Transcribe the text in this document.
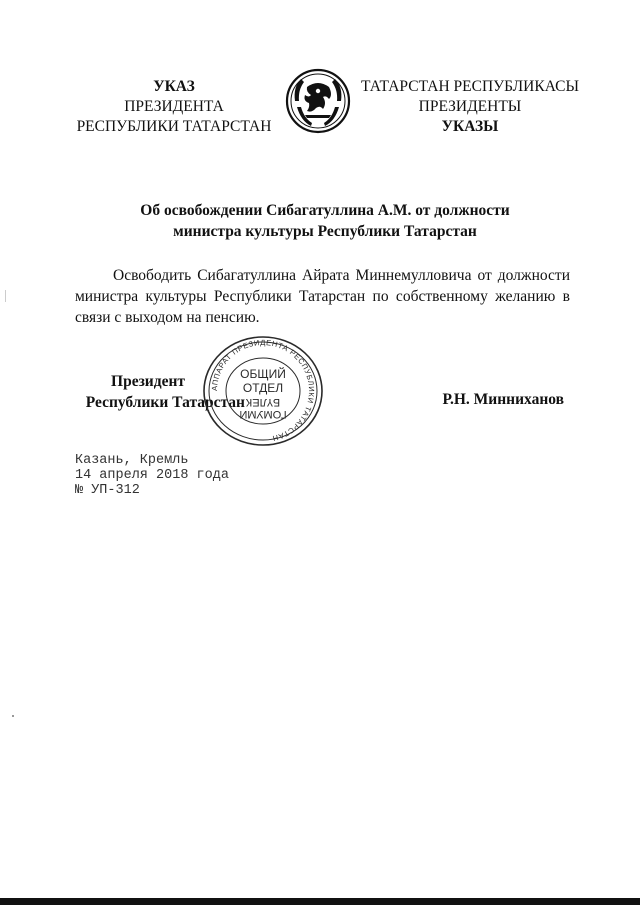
УКАЗ
ПРЕЗИДЕНТА
РЕСПУБЛИКИ ТАТАРСТАН
ТАТАРСТАН РЕСПУБЛИКАСЫ
ПРЕЗИДЕНТЫ
УКАЗЫ
Об освобождении Сибагатуллина А.М. от должности
министра культуры Республики Татарстан
Освободить Сибагатуллина Айрата Миннемулловича от должности министра культуры Республики Татарстан по собственному желанию в связи с выходом на пенсию.
Президент
Республики Татарстан
АППАРАТ ПРЕЗИДЕНТА РЕСПУБЛИКИ ТАТАРСТАН
ОБЩИЙ
ОТДЕЛ
ГОМУМИ
БҮЛЕК	Р.Н. Минниханов
Казань, Кремль
14 апреля 2018 года
№ УП-312
